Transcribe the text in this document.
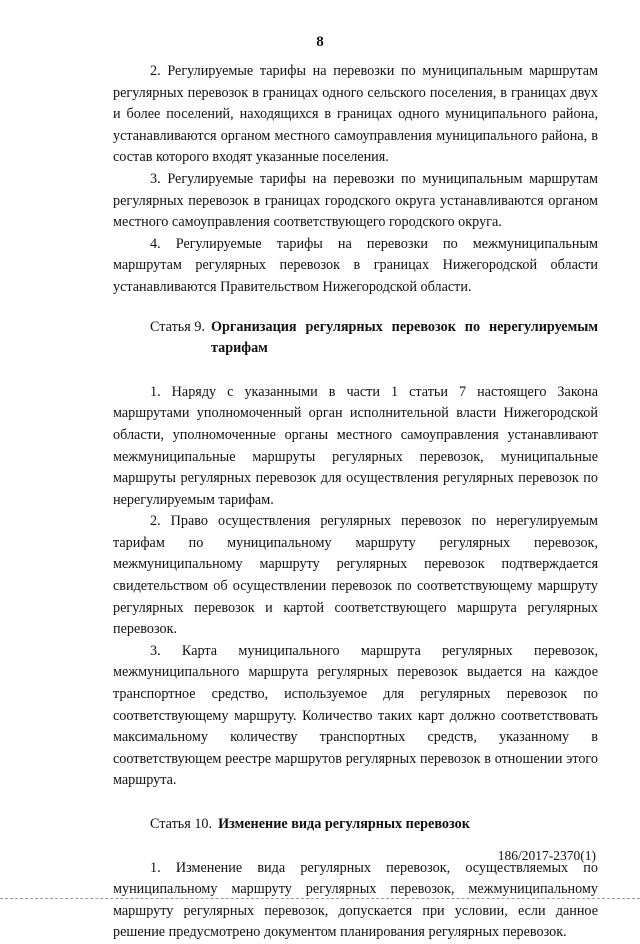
8

2. Регулируемые тарифы на перевозки по муниципальным маршрутам регулярных перевозок в границах одного сельского поселения, в границах двух и более поселений, находящихся в границах одного муниципального района, устанавливаются органом местного самоуправления муниципального района, в состав которого входят указанные поселения.

3. Регулируемые тарифы на перевозки по муниципальным маршрутам регулярных перевозок в границах городского округа устанавливаются органом местного самоуправления соответствующего городского округа.

4. Регулируемые тарифы на перевозки по межмуниципальным маршрутам регулярных перевозок в границах Нижегородской области устанавливаются Правительством Нижегородской области.

Статья 9. Организация регулярных перевозок по нерегулируемым тарифам

1. Наряду с указанными в части 1 статьи 7 настоящего Закона маршрутами уполномоченный орган исполнительной власти Нижегородской области, уполномоченные органы местного самоуправления устанавливают межмуниципальные маршруты регулярных перевозок, муниципальные маршруты регулярных перевозок для осуществления регулярных перевозок по нерегулируемым тарифам.

2. Право осуществления регулярных перевозок по нерегулируемым тарифам по муниципальному маршруту регулярных перевозок, межмуниципальному маршруту регулярных перевозок подтверждается свидетельством об осуществлении перевозок по соответствующему маршруту регулярных перевозок и картой соответствующего маршрута регулярных перевозок.

3. Карта муниципального маршрута регулярных перевозок, межмуниципального маршрута регулярных перевозок выдается на каждое транспортное средство, используемое для регулярных перевозок по соответствующему маршруту. Количество таких карт должно соответствовать максимальному количеству транспортных средств, указанному в соответствующем реестре маршрутов регулярных перевозок в отношении этого маршрута.

Статья 10. Изменение вида регулярных перевозок

1. Изменение вида регулярных перевозок, осуществляемых по муниципальному маршруту регулярных перевозок, межмуниципальному маршруту регулярных перевозок, допускается при условии, если данное решение предусмотрено документом планирования регулярных перевозок.

186/2017-2370(1)
